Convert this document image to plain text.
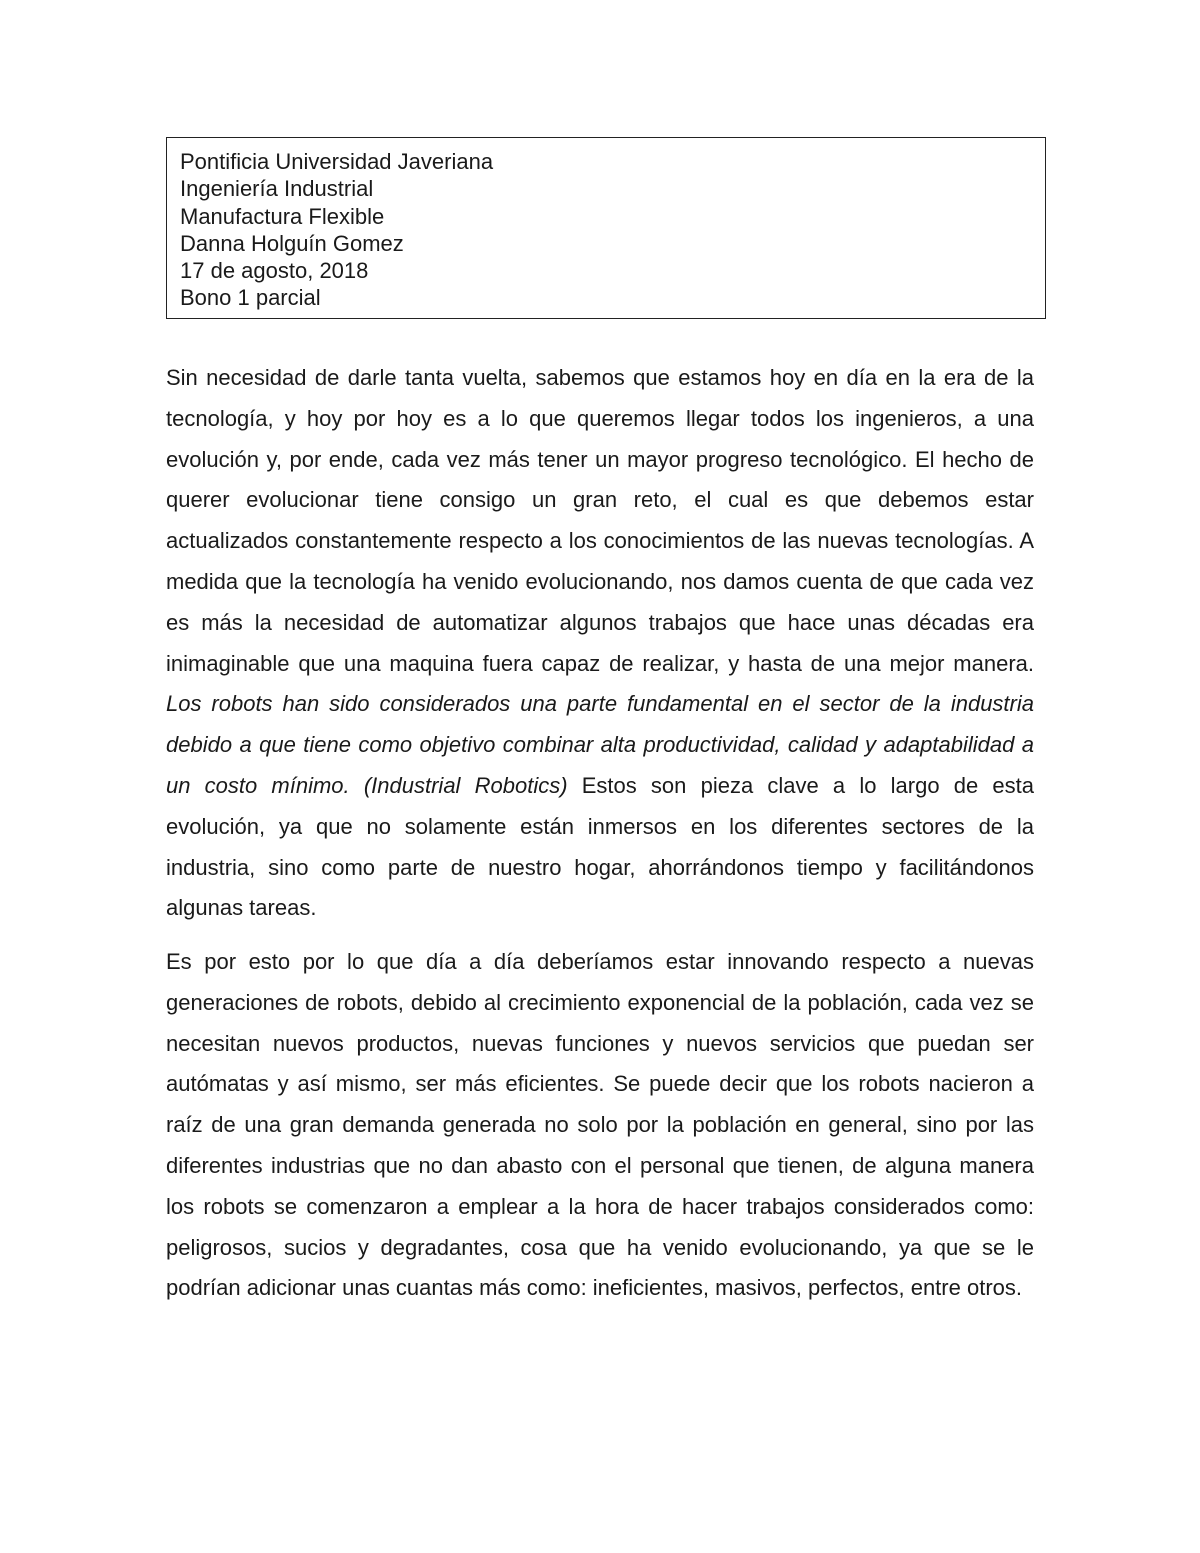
Pontificia Universidad Javeriana
Ingeniería Industrial
Manufactura Flexible
Danna Holguín Gomez
17 de agosto, 2018
Bono 1 parcial

Sin necesidad de darle tanta vuelta, sabemos que estamos hoy en día en la era de la tecnología, y hoy por hoy es a lo que queremos llegar todos los ingenieros, a una evolución y, por ende, cada vez más tener un mayor progreso tecnológico. El hecho de querer evolucionar tiene consigo un gran reto, el cual es que debemos estar actualizados constantemente respecto a los conocimientos de las nuevas tecnologías. A medida que la tecnología ha venido evolucionando, nos damos cuenta de que cada vez es más la necesidad de automatizar algunos trabajos que hace unas décadas era inimaginable que una maquina fuera capaz de realizar, y hasta de una mejor manera. Los robots han sido considerados una parte fundamental en el sector de la industria debido a que tiene como objetivo combinar alta productividad, calidad y adaptabilidad a un costo mínimo. (Industrial Robotics) Estos son pieza clave a lo largo de esta evolución, ya que no solamente están inmersos en los diferentes sectores de la industria, sino como parte de nuestro hogar, ahorrándonos tiempo y facilitándonos algunas tareas.

Es por esto por lo que día a día deberíamos estar innovando respecto a nuevas generaciones de robots, debido al crecimiento exponencial de la población, cada vez se necesitan nuevos productos, nuevas funciones y nuevos servicios que puedan ser autómatas y así mismo, ser más eficientes. Se puede decir que los robots nacieron a raíz de una gran demanda generada no solo por la población en general, sino por las diferentes industrias que no dan abasto con el personal que tienen, de alguna manera los robots se comenzaron a emplear a la hora de hacer trabajos considerados como: peligrosos, sucios y degradantes, cosa que ha venido evolucionando, ya que se le podrían adicionar unas cuantas más como: ineficientes, masivos, perfectos, entre otros.
